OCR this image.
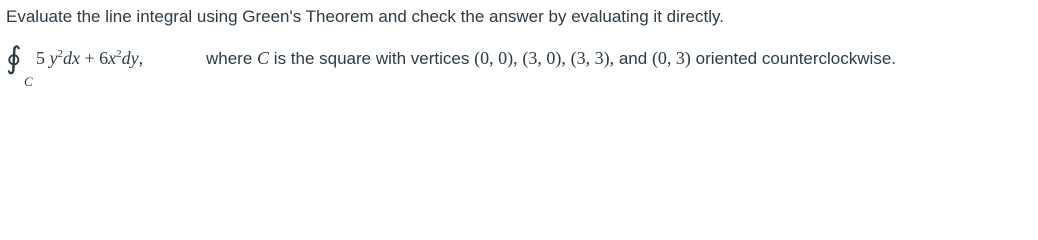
Evaluate the line integral using Green's Theorem and check the answer by evaluating it directly.
∮
C
5 $y^2dx + 6x^2dy$,	where C is the square with vertices (0, 0), (3, 0), (3, 3), and (0, 3) oriented counterclockwise.
